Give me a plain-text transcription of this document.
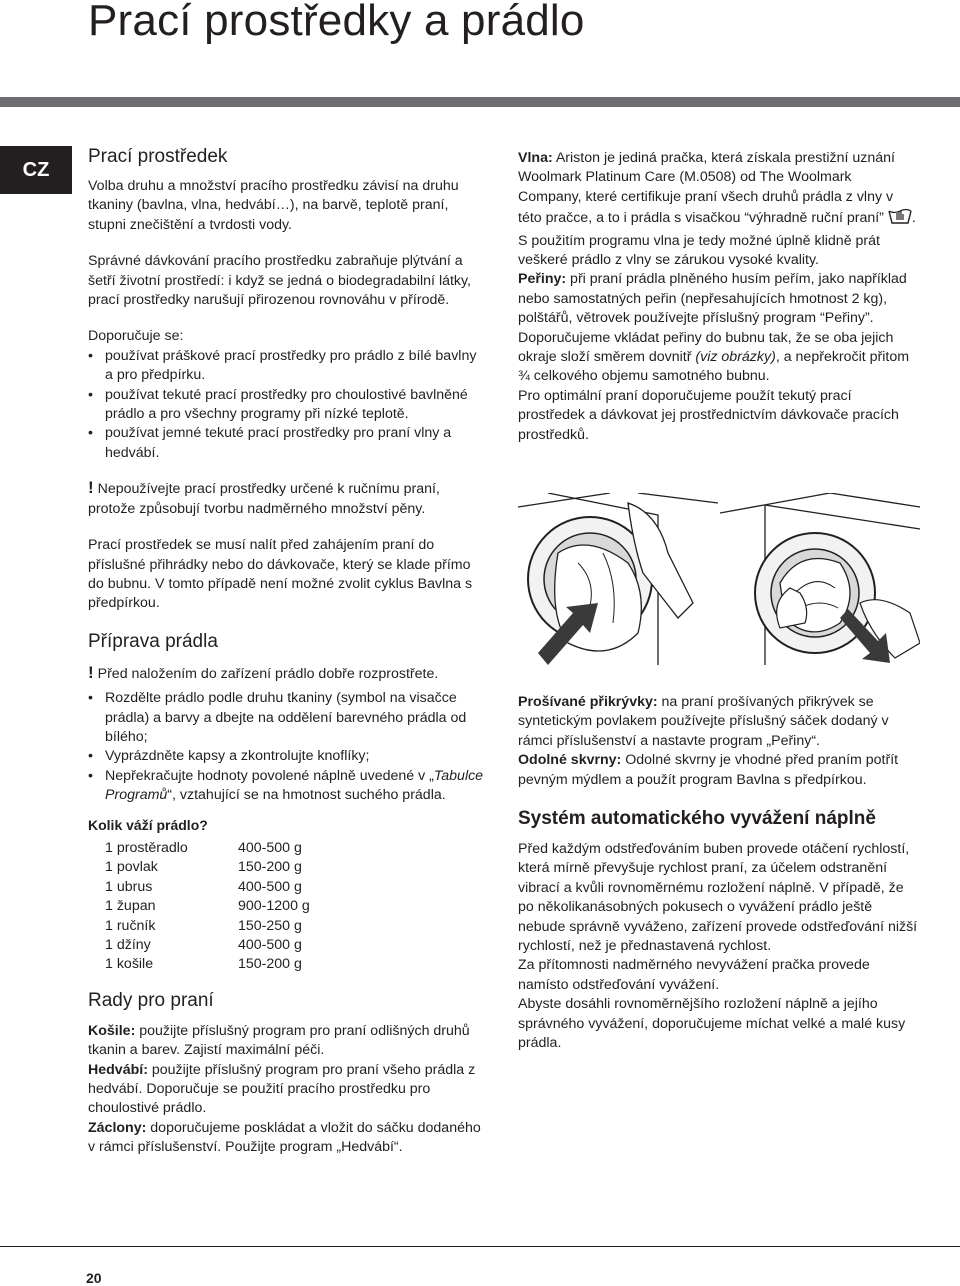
Prací prostředky a prádlo
CZ
Prací prostředek

Volba druhu a množství pracího prostředku závisí na druhu tkaniny (bavlna, vlna, hedvábí…), na barvě, teplotě praní, stupni znečištění a tvrdosti vody.

Správné dávkování pracího prostředku zabraňuje plýtvání a šetří životní prostředí: i když se jedná o biodegradabilní látky, prací prostředky narušují přirozenou rovnováhu v přírodě.

Doporučuje se:

• používat práškové prací prostředky pro prádlo z bílé bavlny a pro předpírku.
• používat tekuté prací prostředky pro choulostivé bavlněné prádlo a pro všechny programy při nízké teplotě.
• používat jemné tekuté prací prostředky pro praní vlny a hedvábí.

! Nepoužívejte prací prostředky určené k ručnímu praní, protože způsobují tvorbu nadměrného množství pěny.

Prací prostředek se musí nalít před zahájením praní do příslušné přihrádky nebo do dávkovače, který se klade přímo do bubnu. V tomto případě není možné zvolit cyklus Bavlna s předpírkou.

Příprava prádla

! Před naložením do zařízení prádlo dobře rozprostřete.

• Rozdělte prádlo podle druhu tkaniny (symbol na visačce prádla) a barvy a dbejte na oddělení barevného prádla od bílého;
• Vyprázdněte kapsy a zkontrolujte knoflíky;
• Nepřekračujte hodnoty povolené náplně uvedené v „Tabulce Programů“, vztahující se na hmotnost suchého prádla.

Kolik váží prádlo?

1 prostěradlo	400-500 g
1 povlak	150-200 g
1 ubrus	400-500 g
1 župan	900-1200 g
1 ručník	150-250 g
1 džíny	400-500 g
1 košile	150-200 g
Rady pro praní

Košile: použijte příslušný program pro praní odlišných druhů tkanin a barev. Zajistí maximální péči.

Hedvábí: použijte příslušný program pro praní všeho prádla z hedvábí. Doporučuje se použití pracího prostředku pro choulostivé prádlo.

Záclony: doporučujeme poskládat a vložit do sáčku dodaného v rámci příslušenství. Použijte program „Hedvábí“.

Vlna: Ariston je jediná pračka, která získala prestižní uznání Woolmark Platinum Care (M.0508) od The Woolmark Company, které certifikuje praní všech druhů prádla z vlny v této pračce, a to i prádla s visačkou “výhradně ruční praní” . S použitím programu vlna je tedy možné úplně klidně prát veškeré prádlo z vlny se zárukou vysoké kvality.

Peřiny: při praní prádla plněného husím peřím, jako například nebo samostatných peřin (nepřesahujících hmotnost 2 kg), polštářů, větrovek používejte příslušný program “Peřiny”. Doporučujeme vkládat peřiny do bubnu tak, že se oba jejich okraje složí směrem dovnitř (viz obrázky), a nepřekročit přitom ¾ celkového objemu samotného bubnu.

Pro optimální praní doporučujeme použít tekutý prací prostředek a dávkovat jej prostřednictvím dávkovače pracích prostředků.

Prošívané přikrývky: na praní prošívaných přikrývek se syntetickým povlakem používejte příslušný sáček dodaný v rámci příslušenství a nastavte program „Peřiny“.

Odolné skvrny: Odolné skvrny je vhodné před praním potřít pevným mýdlem a použít program Bavlna s předpírkou.

Systém automatického vyvážení náplně

Před každým odstřeďováním buben provede otáčení rychlostí, která mírně převyšuje rychlost praní, za účelem odstranění vibrací a kvůli rovnoměrnému rozložení náplně. V případě, že po několikanásobných pokusech o vyvážení prádlo ještě nebude správně vyváženo, zařízení provede odstřeďování nižší rychlostí, než je přednastavená rychlost.

Za přítomnosti nadměrného nevyvážení pračka provede namísto odstřeďování vyvážení.

Abyste dosáhli rovnoměrnějšího rozložení náplně a jejího správného vyvážení, doporučujeme míchat velké a malé kusy prádla.

20
